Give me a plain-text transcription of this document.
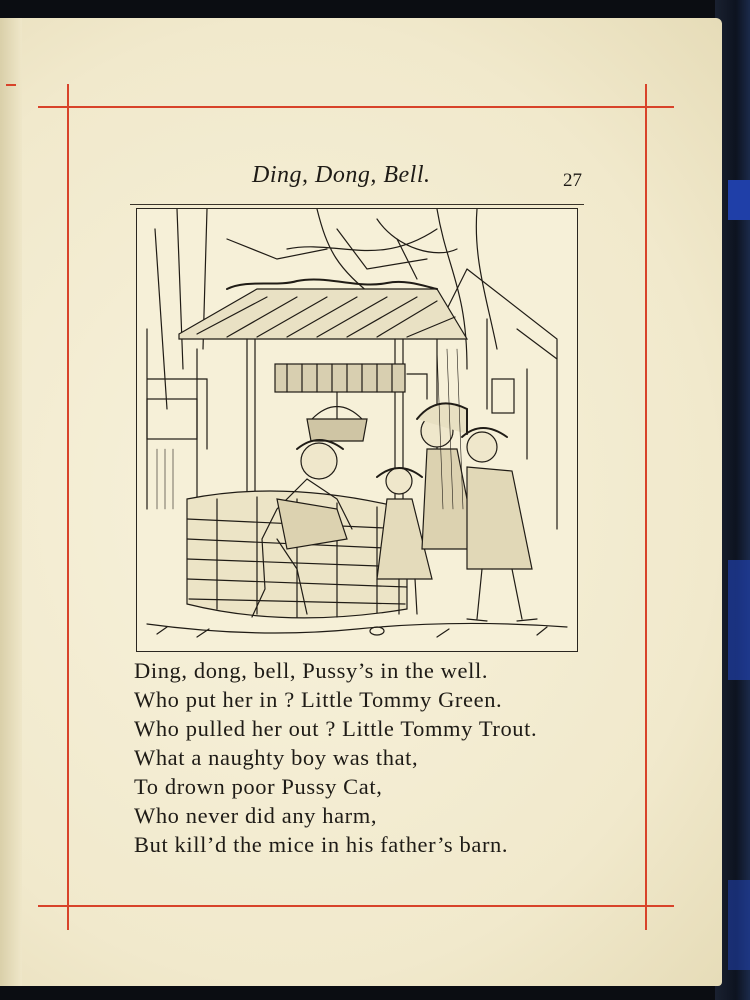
Ding, Dong, Bell.	27
Ding, dong, bell, Pussy’s in the well.
Who put her in ? Little Tommy Green.
Who pulled her out ? Little Tommy Trout.
What a naughty boy was that,
To drown poor Pussy Cat,
Who never did any harm,
But kill’d the mice in his father’s barn.
